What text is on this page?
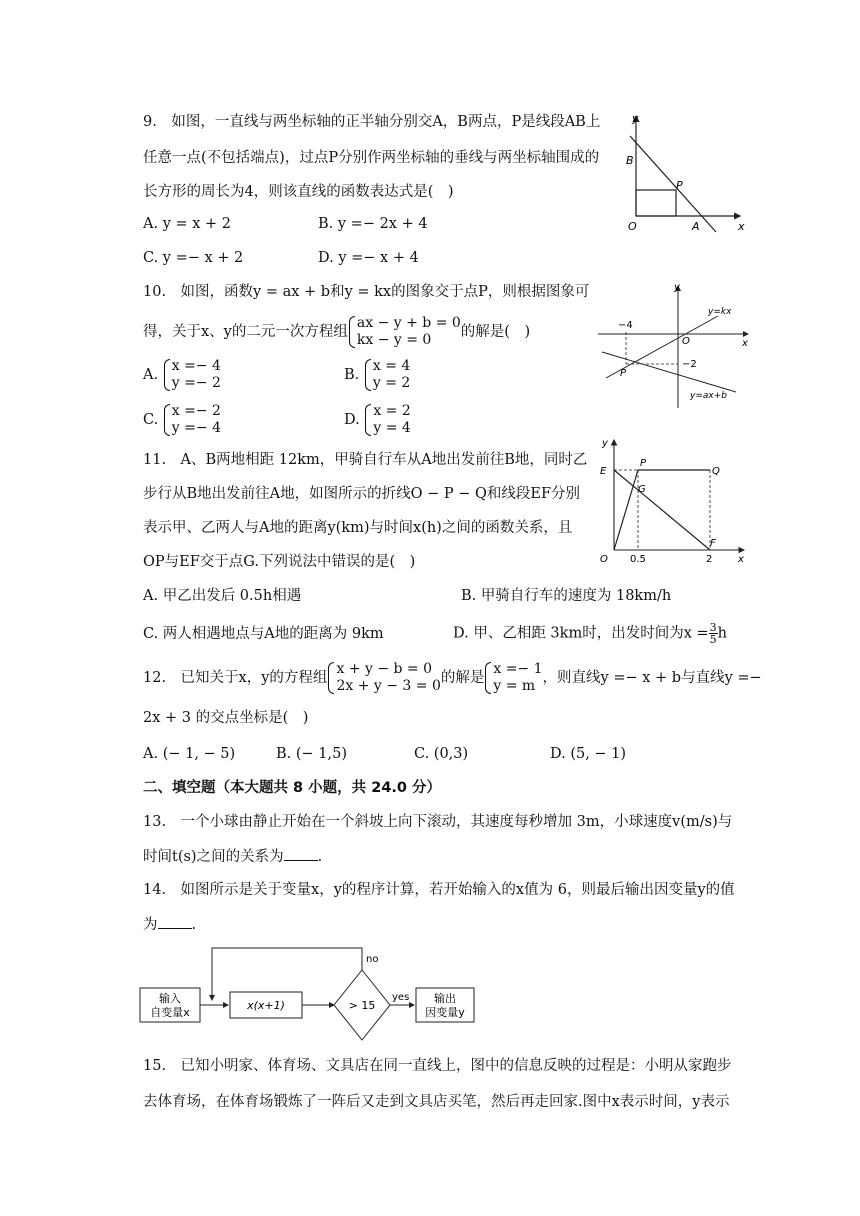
9.　如图，一直线与两坐标轴的正半轴分别交A，B两点，P是线段AB上
任意一点(不包括端点)，过点P分别作两坐标轴的垂线与两坐标轴围成的
长方形的周长为4，则该直线的函数表达式是(　)
A. y = x + 2	B. y =− 2x + 4
C. y =− x + 2	D. y =− x + 4
y
x
B
P
O	A
10.　如图，函数y = ax + b和y = kx的图象交于点P，则根据图象可
得，关于x、y的二元一次方程组
ax − y + b = 0
kx − y = 0	的解是(　)
A.
x =− 4
y =− 2	B.
x = 4
y = 2
C.
x =− 2
y =− 4	D.
x = 2
y = 4
y
x
y=kx
−4
O
−2
P
y=ax+b
11.　A、B两地相距 12km，甲骑自行车从A地出发前往B地，同时乙
步行从B地出发前往A地，如图所示的折线O − P − Q和线段EF分别
表示甲、乙两人与A地的距离y(km)与时间x(h)之间的函数关系，且
OP与EF交于点G.下列说法中错误的是(　)
A. 甲乙出发后 0.5h相遇	B. 甲骑自行车的速度为 18km/h
C. 两人相遇地点与A地的距离为 9km	D. 甲、乙相距 3km时，出发时间为$x = \frac{3}{5}$ h
y
E
P
Q
G
O 0.5
F
2	x
12.　已知关于x，y的方程组
x + y − b = 0
2x + y − 3 = 0 的解是
x =− 1
y = m ，则直线y =− x + b与直线y =−
2x + 3 的交点坐标是(　)
A. (− 1, − 5)	B. (− 1,5)	C. (0,3)	D. (5, − 1)
二、填空题（本大题共 8 小题，共 24.0 分）
13.　一个小球由静止开始在一个斜坡上向下滚动，其速度每秒增加 3m，小球速度v(m/s)与
时间t(s)之间的关系为 .
14.　如图所示是关于变量x，y的程序计算，若开始输入的x值为 6，则最后输出因变量y的值
为 .
输入
自变量x
x(x+1)	> 15
no
yes 输出
因变量y
15.　已知小明家、体育场、文具店在同一直线上，图中的信息反映的过程是：小明从家跑步
去体育场，在体育场锻炼了一阵后又走到文具店买笔，然后再走回家.图中x表示时间，y表示
